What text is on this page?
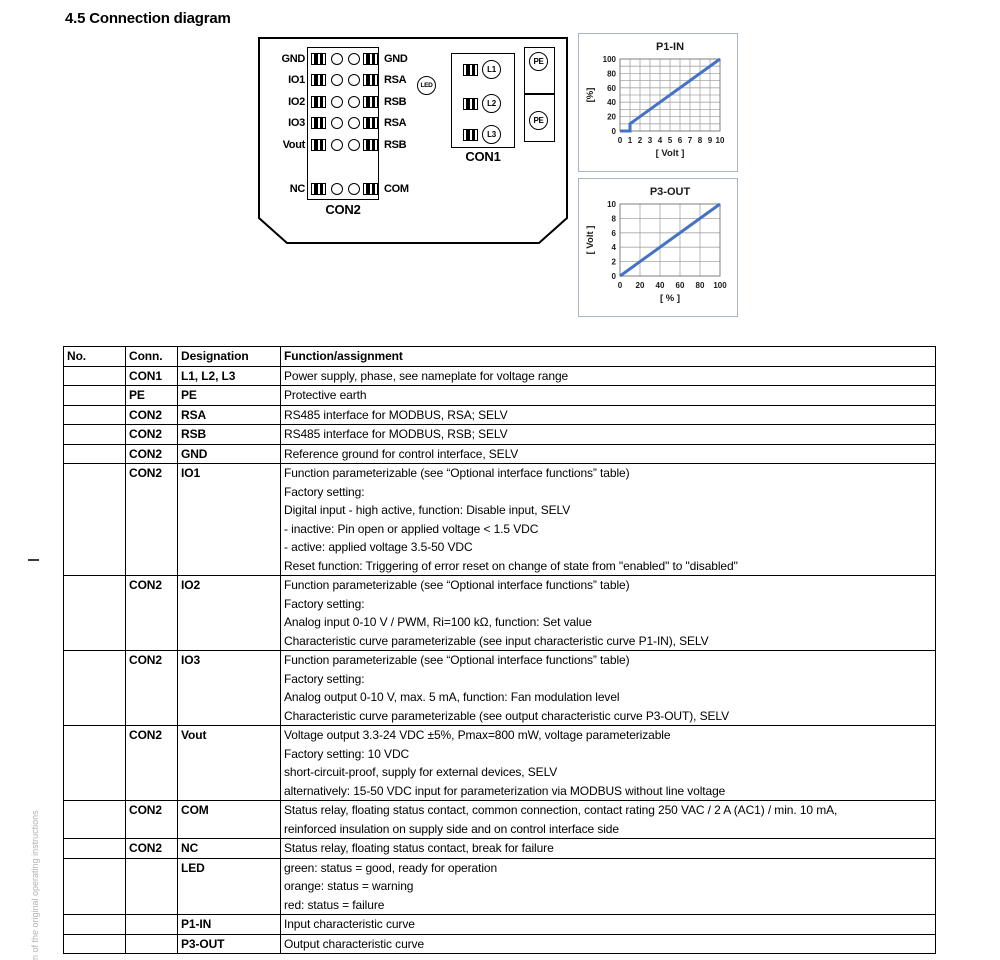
4.5 Connection diagram
n of the original operating instructions
CON2
CON1
PE
PE
LED
GND	GND
IO1	RSA
IO2	RSB
IO3	RSA
Vout	RSB
NC	COM
L1
L2
L3
P1-IN
0 1 2 3 4 5 6 7 8 9 10
0
20
40
60
80
100
[ Volt ]
[%]
P3-OUT
0 20 40 60 80 100
0
2
4
6
8
10
[ % ]
[ Volt ]
No.	Conn.	Designation	Function/assignment
	CON1	L1, L2, L3	Power supply, phase, see nameplate for voltage range

	PE	PE	Protective earth

	CON2	RSA	RS485 interface for MODBUS, RSA; SELV

	CON2	RSB	RS485 interface for MODBUS, RSB; SELV

	CON2	GND	Reference ground for control interface, SELV

	CON2	IO1	Function parameterizable (see “Optional interface functions” table)
Factory setting:
Digital input - high active, function: Disable input, SELV
- inactive: Pin open or applied voltage < 1.5 VDC
- active: applied voltage 3.5-50 VDC
Reset function: Triggering of error reset on change of state from "enabled" to "disabled"

	CON2	IO2	Function parameterizable (see “Optional interface functions” table)
Factory setting:
Analog input 0-10 V / PWM, Ri=100 kΩ, function: Set value
Characteristic curve parameterizable (see input characteristic curve P1-IN), SELV

	CON2	IO3	Function parameterizable (see “Optional interface functions” table)
Factory setting:
Analog output 0-10 V, max. 5 mA, function: Fan modulation level
Characteristic curve parameterizable (see output characteristic curve P3-OUT), SELV

	CON2	Vout	Voltage output 3.3-24 VDC ±5%, Pmax=800 mW, voltage parameterizable
Factory setting: 10 VDC
short-circuit-proof, supply for external devices, SELV
alternatively: 15-50 VDC input for parameterization via MODBUS without line voltage

	CON2	COM	Status relay, floating status contact, common connection, contact rating 250 VAC / 2 A (AC1) / min. 10 mA,
reinforced insulation on supply side and on control interface side

	CON2	NC	Status relay, floating status contact, break for failure

		LED	green: status = good, ready for operation
orange: status = warning
red: status = failure

		P1-IN	Input characteristic curve

		P3-OUT	Output characteristic curve
